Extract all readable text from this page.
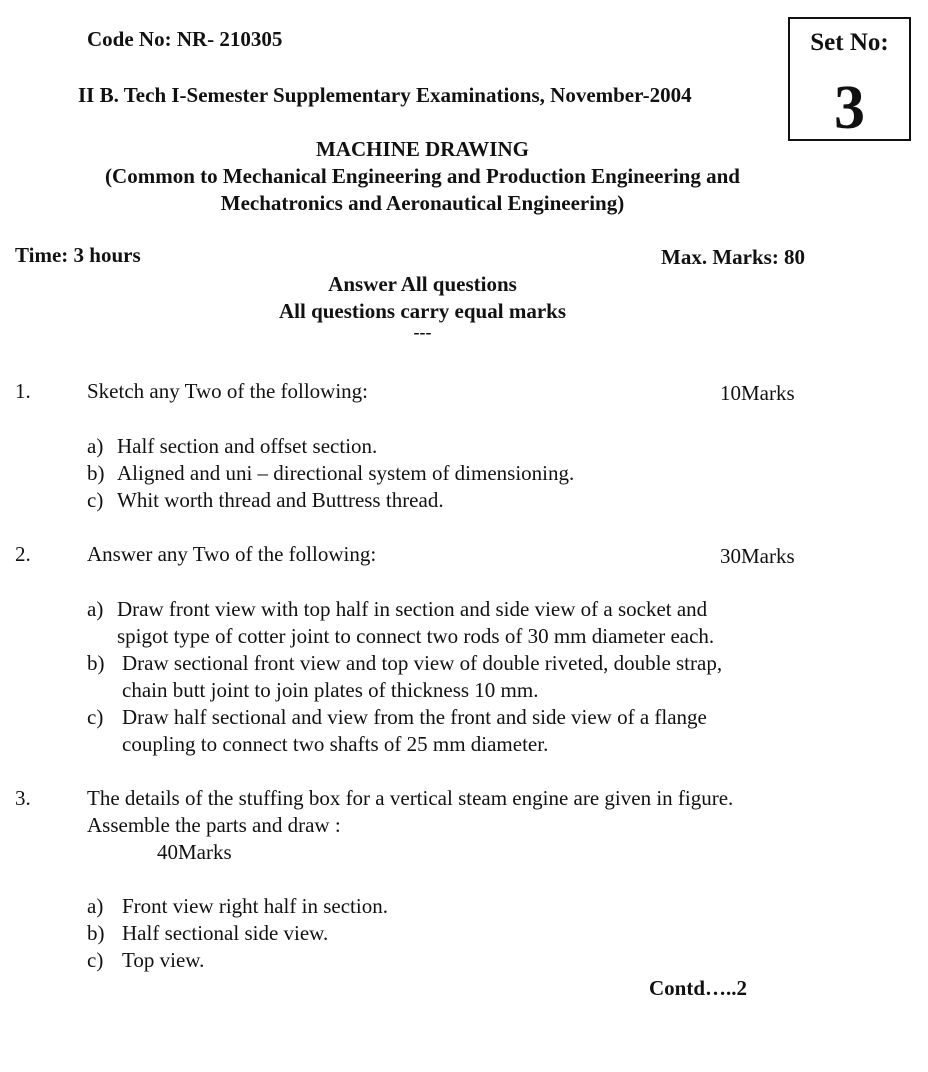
Code No: NR- 210305
II B. Tech I-Semester Supplementary Examinations, November-2004
Set No:
3
MACHINE DRAWING
(Common to Mechanical Engineering and Production Engineering and
Mechatronics and Aeronautical Engineering)
Time: 3 hours	Max. Marks: 80
Answer All questions
All questions carry equal marks
---
1.	Sketch any Two of the following:	10Marks
a) Half section and offset section.
b) Aligned and uni – directional system of dimensioning.
c) Whit worth thread and Buttress thread.
2.	Answer any Two of the following:	30Marks
a) Draw front view with top half in section and side view of a socket and
spigot type of cotter joint to connect two rods of 30 mm diameter each.
b) Draw sectional front view and top view of double riveted, double strap,
chain butt joint to join plates of thickness 10 mm.
c) Draw half sectional and view from the front and side view of a flange
coupling to connect two shafts of 25 mm diameter.
3.	The details of the stuffing box for a vertical steam engine are given in figure.
Assemble the parts and draw :
40Marks
a) Front view right half in section.
b) Half sectional side view.
c) Top view.
Contd…..2
